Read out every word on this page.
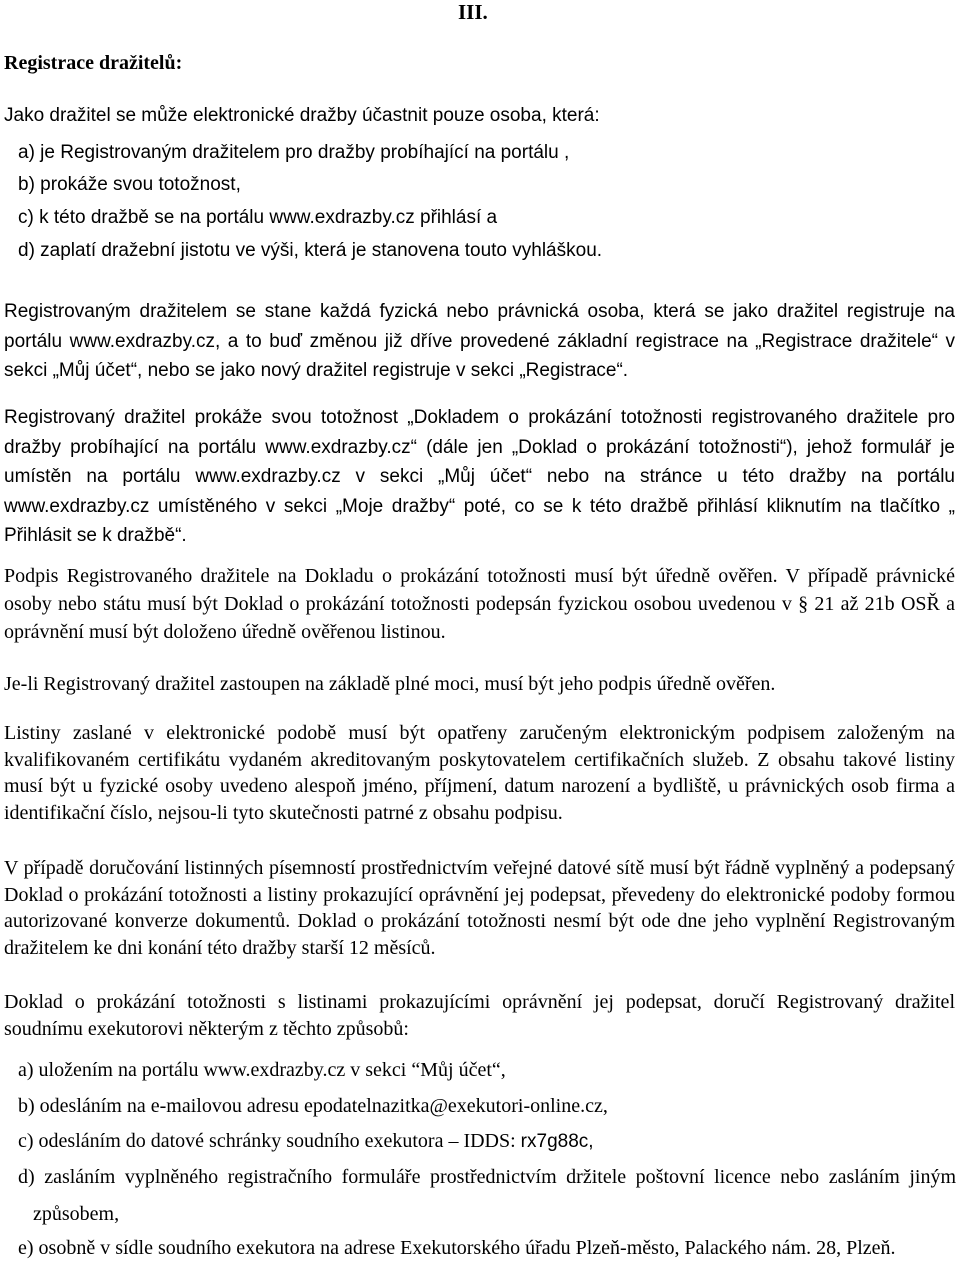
III.
Registrace dražitelů:
Jako dražitel se může elektronické dražby účastnit pouze osoba, která:
a) je Registrovaným dražitelem pro dražby probíhající na portálu ,
b) prokáže svou totožnost,
c) k této dražbě se na portálu www.exdrazby.cz přihlásí a
d) zaplatí dražební jistotu ve výši, která je stanovena touto vyhláškou.
Registrovaným dražitelem se stane každá fyzická nebo právnická osoba, která se jako dražitel registruje na portálu www.exdrazby.cz, a to buď změnou již dříve provedené základní registrace na „Registrace dražitele“ v sekci „Můj účet“, nebo se jako nový dražitel registruje v sekci „Registrace“.
Registrovaný dražitel prokáže svou totožnost „Dokladem o prokázání totožnosti registrovaného dražitele pro dražby probíhající na portálu www.exdrazby.cz“ (dále jen „Doklad o prokázání totožnosti“), jehož formulář je umístěn na portálu www.exdrazby.cz v sekci „Můj účet“ nebo na stránce u této dražby na portálu www.exdrazby.cz umístěného v sekci „Moje dražby“ poté, co se k této dražbě přihlásí kliknutím na tlačítko „ Přihlásit se k dražbě“.
Podpis Registrovaného dražitele na Dokladu o prokázání totožnosti musí být úředně ověřen. V případě právnické osoby nebo státu musí být Doklad o prokázání totožnosti podepsán fyzickou osobou uvedenou v § 21 až 21b OSŘ a oprávnění musí být doloženo úředně ověřenou listinou.
Je-li Registrovaný dražitel zastoupen na základě plné moci, musí být jeho podpis úředně ověřen.
Listiny zaslané v elektronické podobě musí být opatřeny zaručeným elektronickým podpisem založeným na kvalifikovaném certifikátu vydaném akreditovaným poskytovatelem certifikačních služeb. Z obsahu takové listiny musí být u fyzické osoby uvedeno alespoň jméno, příjmení, datum narození a bydliště, u právnických osob firma a identifikační číslo, nejsou-li tyto skutečnosti patrné z obsahu podpisu.
V případě doručování listinných písemností prostřednictvím veřejné datové sítě musí být řádně vyplněný a podepsaný Doklad o prokázání totožnosti a listiny prokazující oprávnění jej podepsat, převedeny do elektronické podoby formou autorizované konverze dokumentů. Doklad o prokázání totožnosti nesmí být ode dne jeho vyplnění Registrovaným dražitelem ke dni konání této dražby starší 12 měsíců.
Doklad o prokázání totožnosti s listinami prokazujícími oprávnění jej podepsat, doručí Registrovaný dražitel soudnímu exekutorovi některým z těchto způsobů:
a) uložením na portálu www.exdrazby.cz v sekci “Můj účet“,
b) odesláním na e-mailovou adresu epodatelnazitka@exekutori-online.cz,
c) odesláním do datové schránky soudního exekutora – IDDS: rx7g88c,
d) zasláním vyplněného registračního formuláře prostřednictvím držitele poštovní licence nebo zasláním jiným způsobem,
e) osobně v sídle soudního exekutora na adrese Exekutorského úřadu Plzeň-město, Palackého nám. 28, Plzeň.
